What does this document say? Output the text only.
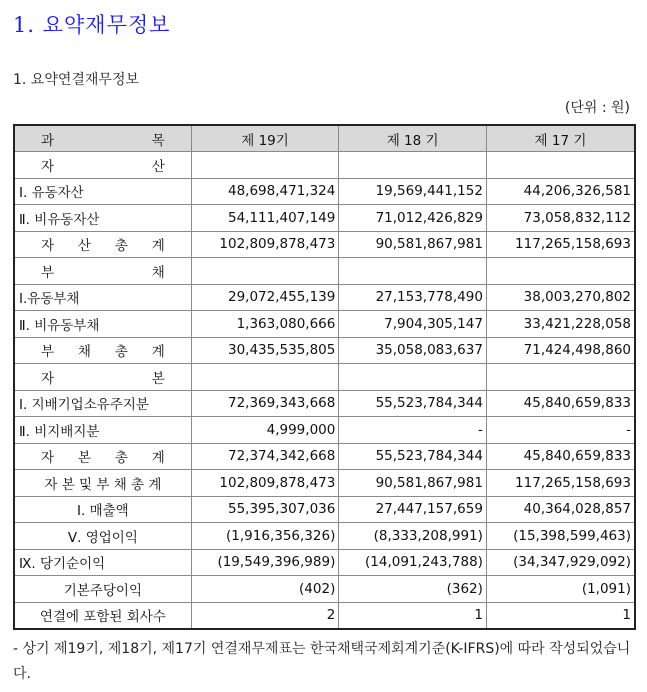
1. 요약재무정보
1. 요약연결재무정보
(단위 : 원)
과 목	제 19기	제 18 기	제 17 기

자 산			

Ⅰ. 유동자산	48,698,471,324	19,569,441,152	44,206,326,581
Ⅱ. 비유동자산	54,111,407,149	71,012,426,829	73,058,832,112

자 산 총 계	102,809,878,473	90,581,867,981	117,265,158,693

부 채			

Ⅰ.유동부채	29,072,455,139	27,153,778,490	38,003,270,802
Ⅱ. 비유동부채	1,363,080,666	7,904,305,147	33,421,228,058

부 채 총 계	30,435,535,805	35,058,083,637	71,424,498,860

자 본			

Ⅰ. 지배기업소유주지분	72,369,343,668	55,523,784,344	45,840,659,833
Ⅱ. 비지배지분	4,999,000	-	-

자 본 총 계	72,374,342,668	55,523,784,344	45,840,659,833
자 본 및 부 채 총 계	102,809,878,473	90,581,867,981	117,265,158,693
Ⅰ. 매출액	55,395,307,036	27,447,157,659	40,364,028,857
Ⅴ. 영업이익	(1,916,356,326)	(8,333,208,991)	(15,398,599,463)
Ⅸ. 당기순이익	(19,549,396,989)	(14,091,243,788)	(34,347,929,092)
기본주당이익	(402)	(362)	(1,091)
연결에 포함된 회사수	2	1	1
- 상기 제19기, 제18기, 제17기 연결재무제표는 한국채택국제회계기준(K-IFRS)에 따라 작성되었습니다.
